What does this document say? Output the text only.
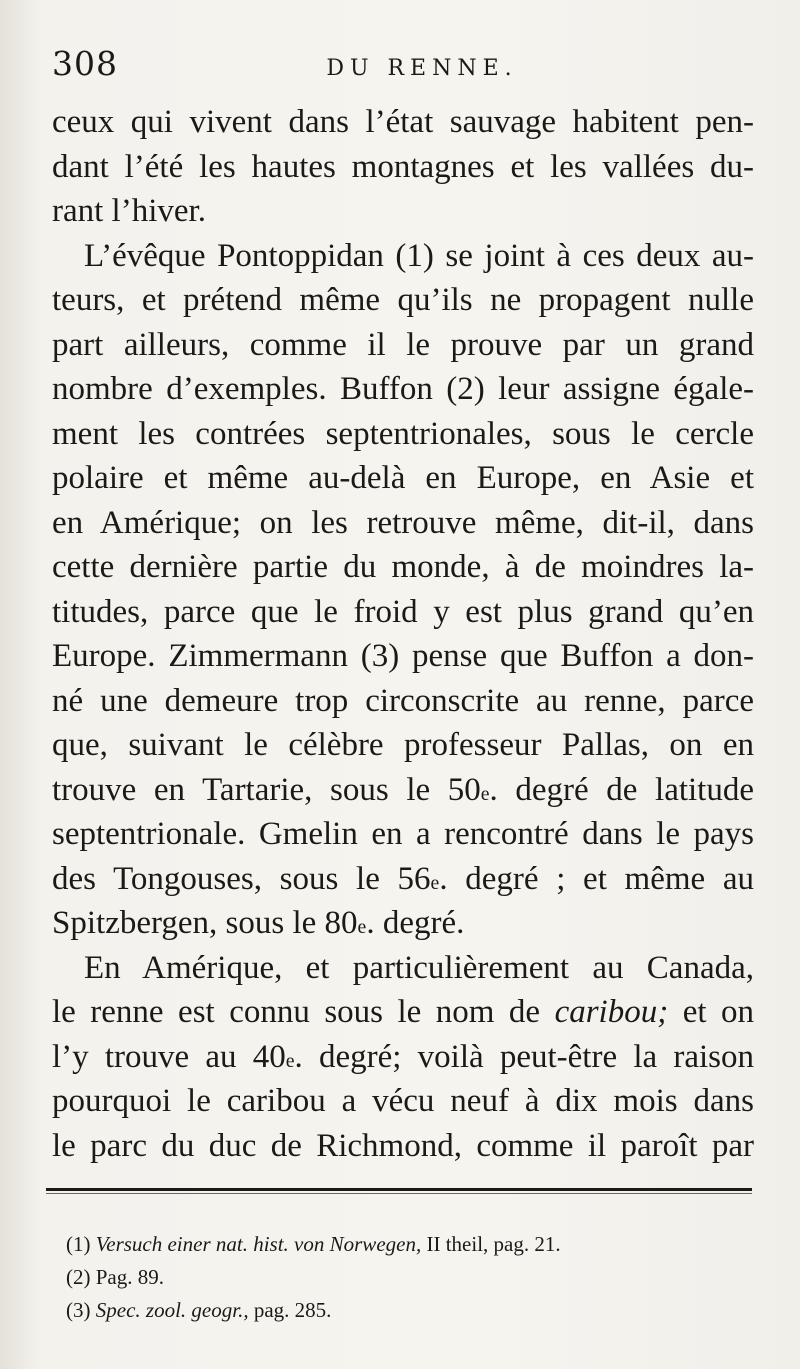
308	DU RENNE.
ceux qui vivent dans l’état sauvage habitent pen-
dant l’été les hautes montagnes et les vallées du-
rant l’hiver.
L’évêque Pontoppidan (1) se joint à ces deux au-
teurs, et prétend même qu’ils ne propagent nulle
part ailleurs, comme il le prouve par un grand
nombre d’exemples. Buffon (2) leur assigne égale-
ment les contrées septentrionales, sous le cercle
polaire et même au-delà en Europe, en Asie et
en Amérique; on les retrouve même, dit-il, dans
cette dernière partie du monde, à de moindres la-
titudes, parce que le froid y est plus grand qu’en
Europe. Zimmermann (3) pense que Buffon a don-
né une demeure trop circonscrite au renne, parce
que, suivant le célèbre professeur Pallas, on en
trouve en Tartarie, sous le 50e. degré de latitude
septentrionale. Gmelin en a rencontré dans le pays
des Tongouses, sous le 56e. degré ; et même au
Spitzbergen, sous le 80e. degré.
En Amérique, et particulièrement au Canada,
le renne est connu sous le nom de caribou; et on
l’y trouve au 40e. degré; voilà peut-être la raison
pourquoi le caribou a vécu neuf à dix mois dans
le parc du duc de Richmond, comme il paroît par
(1) Versuch einer nat. hist. von Norwegen, II theil, pag. 21.
(2) Pag. 89.
(3) Spec. zool. geogr., pag. 285.
